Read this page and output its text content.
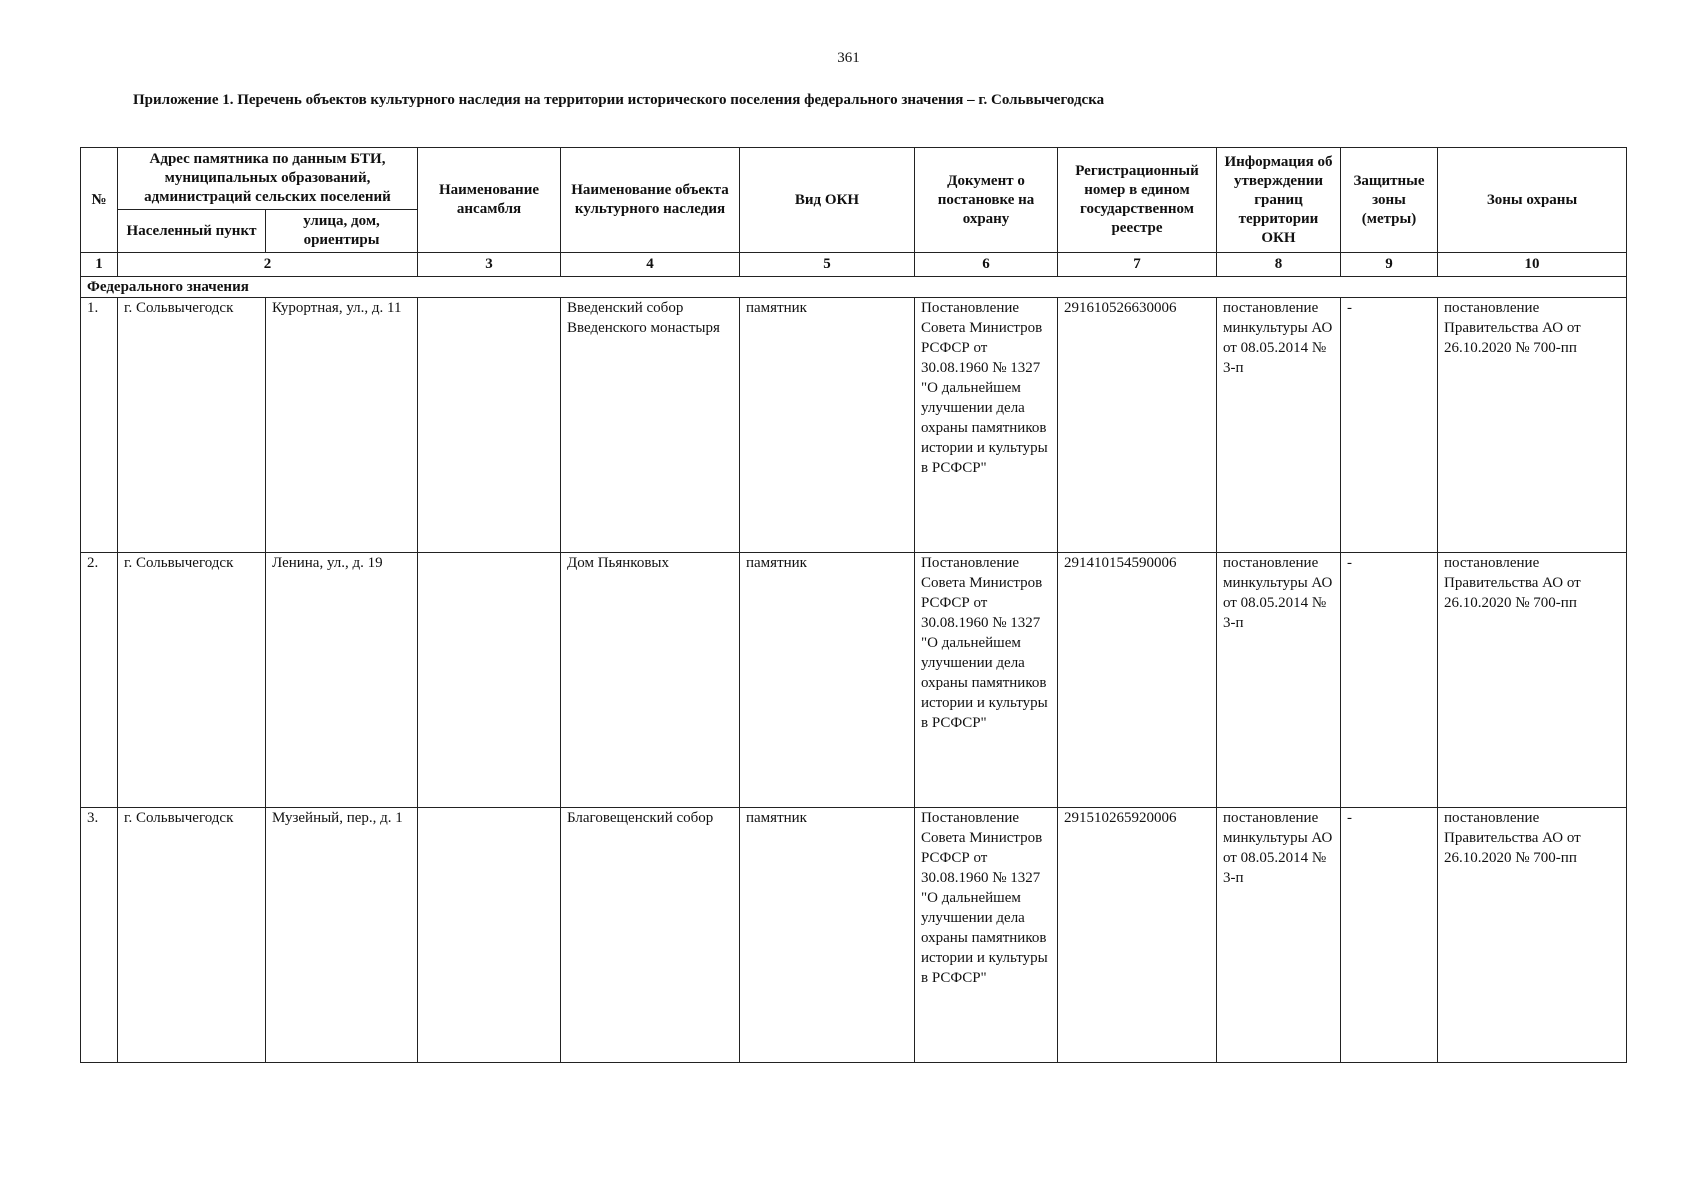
361
Приложение 1. Перечень объектов культурного наследия на территории исторического поселения федерального значения – г. Сольвычегодска
№	Адрес памятника по данным БТИ, муниципальных образований, администраций сельских поселений		Наименование ансамбля	Наименование объекта культурного наследия	Вид ОКН	Документ о постановке на охрану	Регистрационный номер в едином государственном реестре	Информация об утверждении границ территории ОКН	Защитные зоны (метры)	Зоны охраны
	Населенный пункт	улица, дом, ориентиры								
1	2		3	4	5	6	7	8	9	10
Федерального значения										
1.	г. Сольвычегодск	Курортная, ул., д. 11		Введенский собор Введенского монастыря	памятник	Постановление Совета Министров РСФСР от 30.08.1960 № 1327 "О дальнейшем улучшении дела охраны памятников истории и культуры в РСФСР"	291610526630006	постановление минкультуры АО от 08.05.2014 № 3-п	-	постановление Правительства АО от 26.10.2020 № 700-пп
2.	г. Сольвычегодск	Ленина, ул., д. 19		Дом Пьянковых	памятник	Постановление Совета Министров РСФСР от 30.08.1960 № 1327 "О дальнейшем улучшении дела охраны памятников истории и культуры в РСФСР"	291410154590006	постановление минкультуры АО от 08.05.2014 № 3-п	-	постановление Правительства АО от 26.10.2020 № 700-пп
3.	г. Сольвычегодск	Музейный, пер., д. 1		Благовещенский собор	памятник	Постановление Совета Министров РСФСР от 30.08.1960 № 1327 "О дальнейшем улучшении дела охраны памятников истории и культуры в РСФСР"	291510265920006	постановление минкультуры АО от 08.05.2014 № 3-п	-	постановление Правительства АО от 26.10.2020 № 700-пп
